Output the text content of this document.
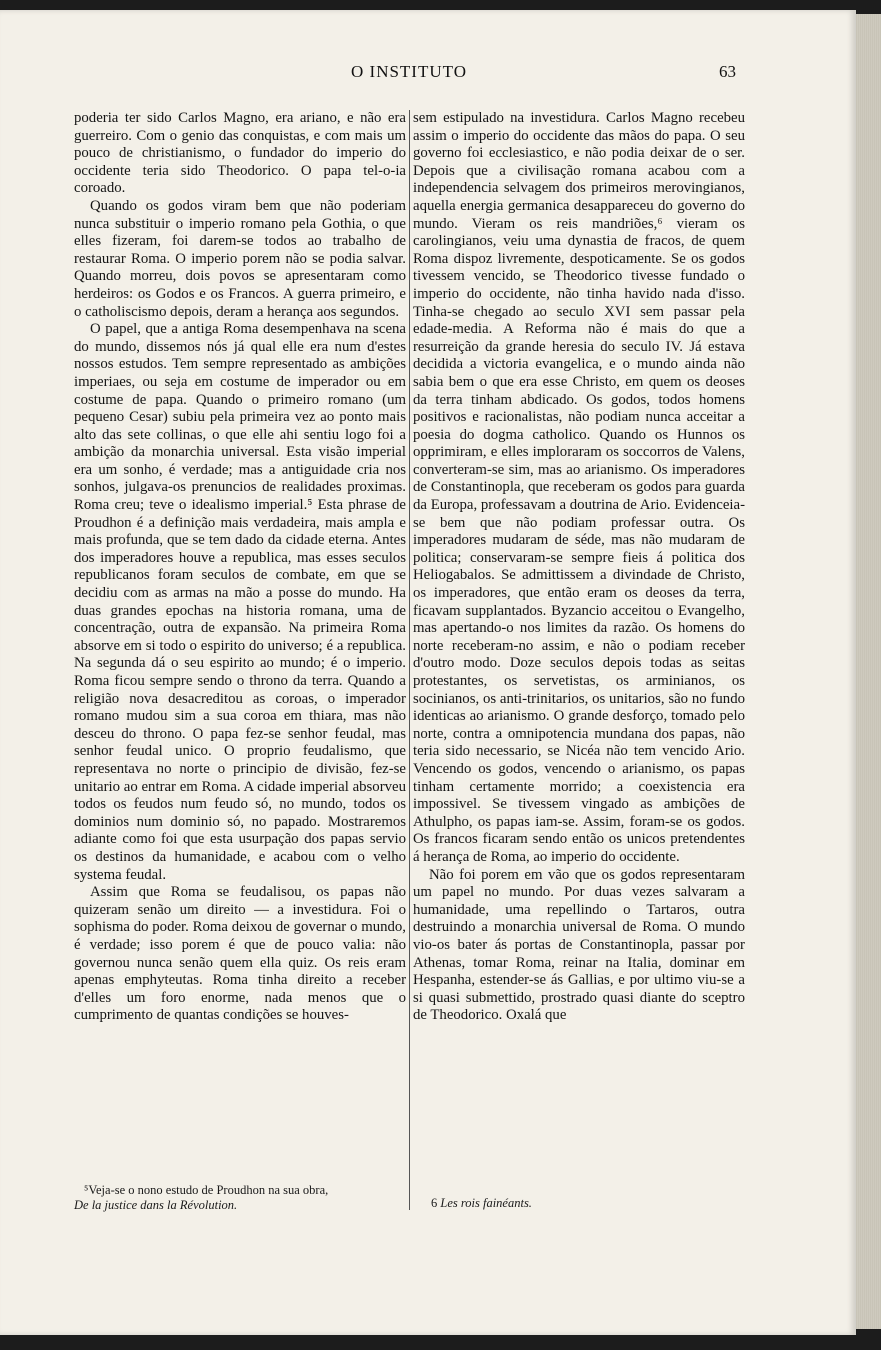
O INSTITUTO	63

poderia ter sido Carlos Magno, era ariano, e não era guerreiro. Com o genio das conquistas, e com mais um pouco de christianismo, o fundador do imperio do occidente teria sido Theodorico. O papa tel-o-ia coroado.

Quando os godos viram bem que não poderiam nunca substituir o imperio romano pela Gothia, o que elles fizeram, foi darem-se todos ao trabalho de restaurar Roma. O imperio porem não se podia salvar. Quando morreu, dois povos se apresentaram como herdeiros: os Godos e os Francos. A guerra primeiro, e o catholiscismo depois, deram a herança aos segundos.

O papel, que a antiga Roma desempenhava na scena do mundo, dissemos nós já qual elle era num d'estes nossos estudos. Tem sempre representado as ambições imperiaes, ou seja em costume de imperador ou em costume de papa. Quando o primeiro romano (um pequeno Cesar) subiu pela primeira vez ao ponto mais alto das sete collinas, o que elle ahi sentiu logo foi a ambição da monarchia universal. Esta visão imperial era um sonho, é verdade; mas a antiguidade cria nos sonhos, julgava-os prenuncios de realidades proximas. Roma creu; teve o idealismo imperial.⁵ Esta phrase de Proudhon é a definição mais verdadeira, mais ampla e mais profunda, que se tem dado da cidade eterna. Antes dos imperadores houve a republica, mas esses seculos republicanos foram seculos de combate, em que se decidiu com as armas na mão a posse do mundo. Ha duas grandes epochas na historia romana, uma de concentração, outra de expansão. Na primeira Roma absorve em si todo o espirito do universo; é a republica. Na segunda dá o seu espirito ao mundo; é o imperio. Roma ficou sempre sendo o throno da terra. Quando a religião nova desacreditou as coroas, o imperador romano mudou sim a sua coroa em thiara, mas não desceu do throno. O papa fez-se senhor feudal, mas senhor feudal unico. O proprio feudalismo, que representava no norte o principio de divisão, fez-se unitario ao entrar em Roma. A cidade imperial absorveu todos os feudos num feudo só, no mundo, todos os dominios num dominio só, no papado. Mostraremos adiante como foi que esta usurpação dos papas servio os destinos da humanidade, e acabou com o velho systema feudal.

Assim que Roma se feudalisou, os papas não quizeram senão um direito — a investidura. Foi o sophisma do poder. Roma deixou de governar o mundo, é verdade; isso porem é que de pouco valia: não governou nunca senão quem ella quiz. Os reis eram apenas emphyteutas. Roma tinha direito a receber d'elles um foro enorme, nada menos que o cumprimento de quantas condições se houves-

sem estipulado na investidura. Carlos Magno recebeu assim o imperio do occidente das mãos do papa. O seu governo foi ecclesiastico, e não podia deixar de o ser. Depois que a civilisação romana acabou com a independencia selvagem dos primeiros merovingianos, aquella energia germanica desappareceu do governo do mundo. Vieram os reis mandriões,⁶ vieram os carolingianos, veiu uma dynastia de fracos, de quem Roma dispoz livremente, despoticamente. Se os godos tivessem vencido, se Theodorico tivesse fundado o imperio do occidente, não tinha havido nada d'isso. Tinha-se chegado ao seculo XVI sem passar pela edade-media. A Reforma não é mais do que a resurreição da grande heresia do seculo IV. Já estava decidida a victoria evangelica, e o mundo ainda não sabia bem o que era esse Christo, em quem os deoses da terra tinham abdicado. Os godos, todos homens positivos e racionalistas, não podiam nunca acceitar a poesia do dogma catholico. Quando os Hunnos os opprimiram, e elles imploraram os soccorros de Valens, converteram-se sim, mas ao arianismo. Os imperadores de Constantinopla, que receberam os godos para guarda da Europa, professavam a doutrina de Ario. Evidenceia-se bem que não podiam professar outra. Os imperadores mudaram de séde, mas não mudaram de politica; conservaram-se sempre fieis á politica dos Heliogabalos. Se admittissem a divindade de Christo, os imperadores, que então eram os deoses da terra, ficavam supplantados. Byzancio acceitou o Evangelho, mas apertando-o nos limites da razão. Os homens do norte receberam-no assim, e não o podiam receber d'outro modo. Doze seculos depois todas as seitas protestantes, os servetistas, os arminianos, os socinianos, os anti-trinitarios, os unitarios, são no fundo identicas ao arianismo. O grande desforço, tomado pelo norte, contra a omnipotencia mundana dos papas, não teria sido necessario, se Nicéa não tem vencido Ario. Vencendo os godos, vencendo o arianismo, os papas tinham certamente morrido; a coexistencia era impossivel. Se tivessem vingado as ambições de Athulpho, os papas iam-se. Assim, foram-se os godos. Os francos ficaram sendo então os unicos pretendentes á herança de Roma, ao imperio do occidente.

Não foi porem em vão que os godos representaram um papel no mundo. Por duas vezes salvaram a humanidade, uma repellindo o Tartaros, outra destruindo a monarchia universal de Roma. O mundo vio-os bater ás portas de Constantinopla, passar por Athenas, tomar Roma, reinar na Italia, dominar em Hespanha, estender-se ás Gallias, e por ultimo viu-se a si quasi submettido, prostrado quasi diante do sceptro de Theodorico. Oxalá que

⁵Veja-se o nono estudo de Proudhon na sua obra,
De la justice dans la Révolution.	6 Les rois fainéants.
